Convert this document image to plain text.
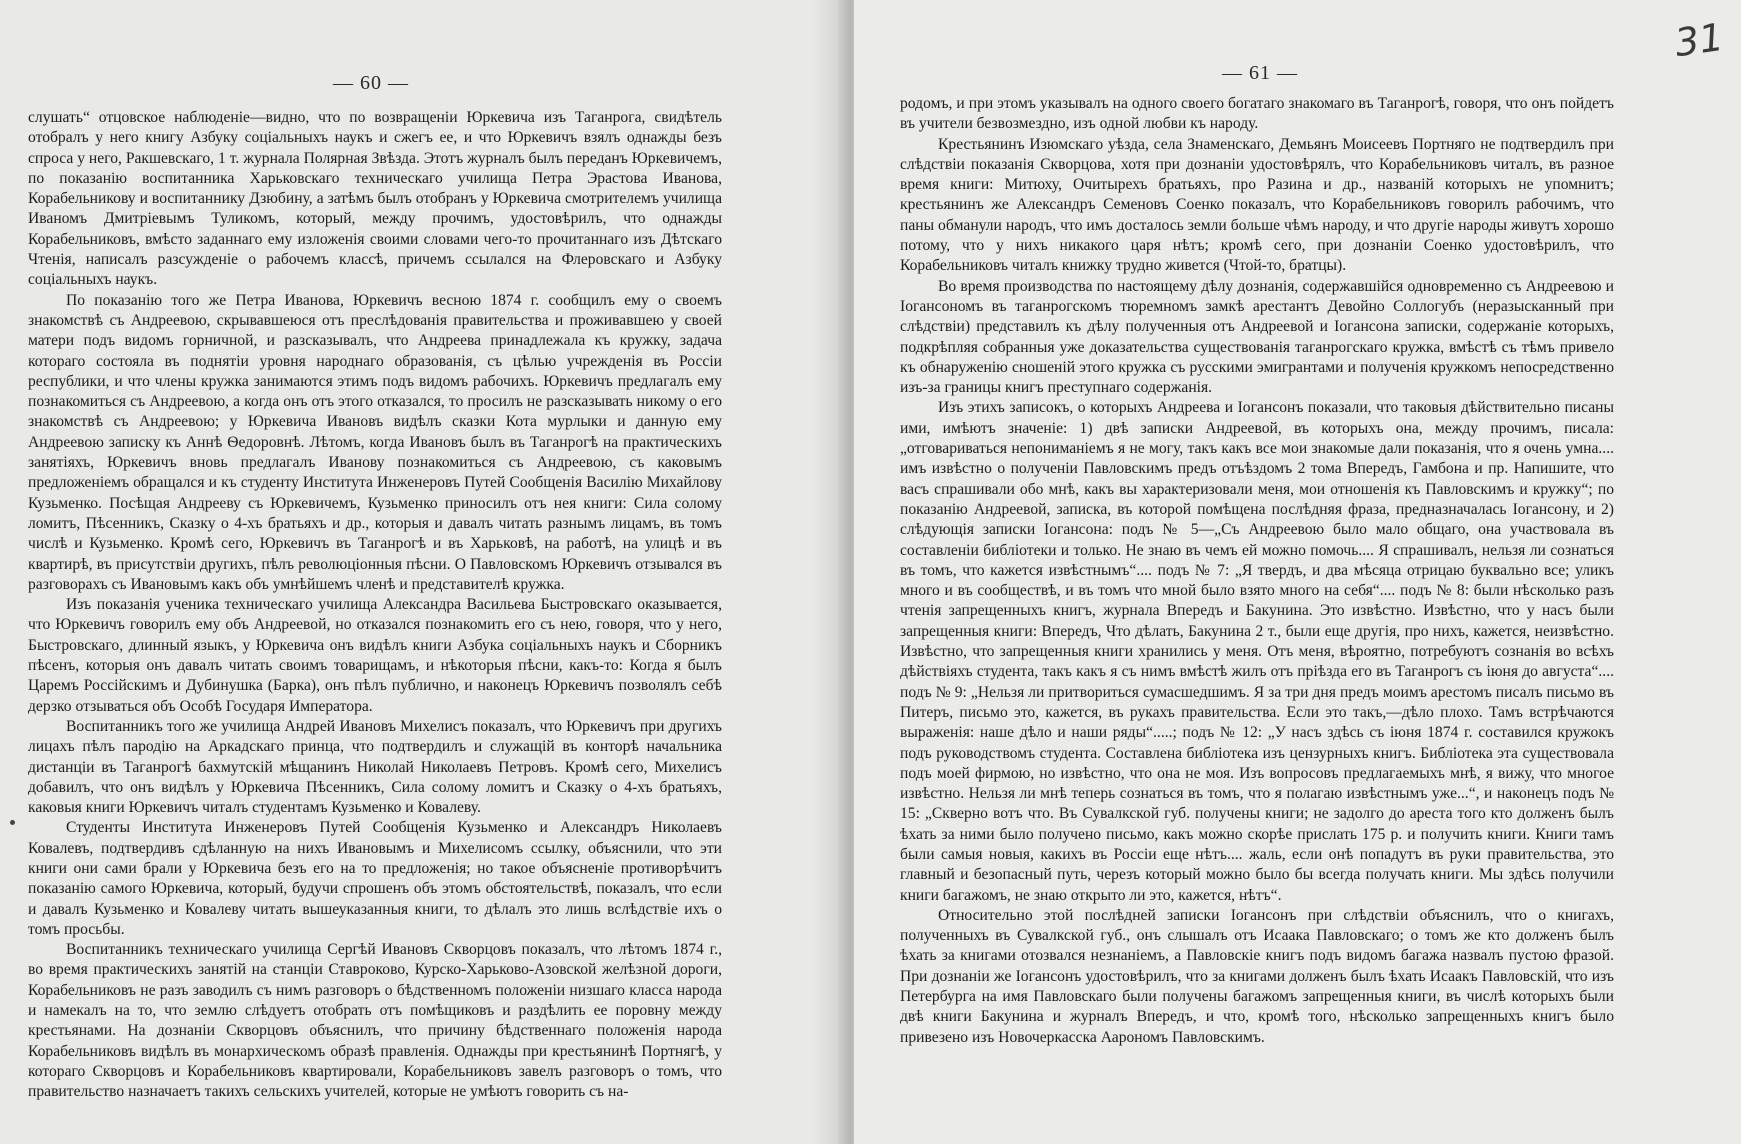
— 60 —

слушать“ отцовское наблюденіе—видно, что по возвращеніи Юркевича изъ Таганрога, свидѣтель отобралъ у него книгу Азбуку соціальныхъ наукъ и сжегъ ее, и что Юркевичъ взялъ однажды безъ спроса у него, Ракшевскаго, 1 т. журнала Полярная Звѣзда. Этотъ журналъ былъ переданъ Юркевичемъ, по показанію воспитанника Харьковскаго техническаго училища Петра Эрастова Иванова, Корабельникову и воспитаннику Дзюбину, а затѣмъ былъ отобранъ у Юркевича смотрителемъ училища Иваномъ Дмитріевымъ Туликомъ, который, между прочимъ, удостовѣрилъ, что однажды Корабельниковъ, вмѣсто заданнаго ему изложенія своими словами чего-то прочитаннаго изъ Дѣтскаго Чтенія, написалъ разсужденіе о рабочемъ классѣ, причемъ ссылался на Флеровскаго и Азбуку соціальныхъ наукъ.

По показанію того же Петра Иванова, Юркевичъ весною 1874 г. сообщилъ ему о своемъ знакомствѣ съ Андреевою, скрывавшеюся отъ преслѣдованія правительства и проживавшею у своей матери подъ видомъ горничной, и разсказывалъ, что Андреева принадлежала къ кружку, задача котораго состояла въ поднятіи уровня народнаго образованія, съ цѣлью учрежденія въ Россіи республики, и что члены кружка занимаются этимъ подъ видомъ рабочихъ. Юркевичъ предлагалъ ему познакомиться съ Андреевою, а когда онъ отъ этого отказался, то просилъ не разсказывать никому о его знакомствѣ съ Андреевою; у Юркевича Ивановъ видѣлъ сказки Кота мурлыки и данную ему Андреевою записку къ Аннѣ Ѳедоровнѣ. Лѣтомъ, когда Ивановъ былъ въ Таганрогѣ на практическихъ занятіяхъ, Юркевичъ вновь предлагалъ Иванову познакомиться съ Андреевою, съ каковымъ предложеніемъ обращался и къ студенту Института Инженеровъ Путей Сообщенія Василію Михайлову Кузьменко. Посѣщая Андрееву съ Юркевичемъ, Кузьменко приносилъ отъ нея книги: Сила солому ломитъ, Пѣсенникъ, Сказку о 4-хъ братьяхъ и др., которыя и давалъ читать разнымъ лицамъ, въ томъ числѣ и Кузьменко. Кромѣ сего, Юркевичъ въ Таганрогѣ и въ Харьковѣ, на работѣ, на улицѣ и въ квартирѣ, въ присутствіи другихъ, пѣлъ революціонныя пѣсни. О Павловскомъ Юркевичъ отзывался въ разговорахъ съ Ивановымъ какъ объ умнѣйшемъ членѣ и представителѣ кружка.

Изъ показанія ученика техническаго училища Александра Васильева Быстровскаго оказывается, что Юркевичъ говорилъ ему объ Андреевой, но отказался познакомить его съ нею, говоря, что у него, Быстровскаго, длинный языкъ, у Юркевича онъ видѣлъ книги Азбука соціальныхъ наукъ и Сборникъ пѣсенъ, которыя онъ давалъ читать своимъ товарищамъ, и нѣкоторыя пѣсни, какъ-то: Когда я былъ Царемъ Россійскимъ и Дубинушка (Барка), онъ пѣлъ публично, и наконецъ Юркевичъ позволялъ себѣ дерзко отзываться объ Особѣ Государя Императора.

Воспитанникъ того же училища Андрей Ивановъ Михелисъ показалъ, что Юркевичъ при другихъ лицахъ пѣлъ пародію на Аркадскаго принца, что подтвердилъ и служащій въ конторѣ начальника дистанціи въ Таганрогѣ бахмутскій мѣщанинъ Николай Николаевъ Петровъ. Кромѣ сего, Михелисъ добавилъ, что онъ видѣлъ у Юркевича Пѣсенникъ, Сила солому ломитъ и Сказку о 4-хъ братьяхъ, каковыя книги Юркевичъ читалъ студентамъ Кузьменко и Ковалеву.

Студенты Института Инженеровъ Путей Сообщенія Кузьменко и Александръ Николаевъ Ковалевъ, подтвердивъ сдѣланную на нихъ Ивановымъ и Михелисомъ ссылку, объяснили, что эти книги они сами брали у Юркевича безъ его на то предложенія; но такое объясненіе противорѣчитъ показанію самого Юркевича, который, будучи спрошенъ объ этомъ обстоятельствѣ, показалъ, что если и давалъ Кузьменко и Ковалеву читать вышеуказанныя книги, то дѣлалъ это лишь вслѣдствіе ихъ о томъ просьбы.

Воспитанникъ техническаго училища Сергѣй Ивановъ Скворцовъ показалъ, что лѣтомъ 1874 г., во время практическихъ занятій на станціи Ставроково, Курско-Харьково-Азовской желѣзной дороги, Корабельниковъ не разъ заводилъ съ нимъ разговоръ о бѣдственномъ положеніи низшаго класса народа и намекалъ на то, что землю слѣдуетъ отобрать отъ помѣщиковъ и раздѣлить ее поровну между крестьянами. На дознаніи Скворцовъ объяснилъ, что причину бѣдственнаго положенія народа Корабельниковъ видѣлъ въ монархическомъ образѣ правленія. Однажды при крестьянинѣ Портнягѣ, у котораго Скворцовъ и Корабельниковъ квартировали, Корабельниковъ завелъ разговоръ о томъ, что правительство назначаетъ такихъ сельскихъ учителей, которые не умѣютъ говорить съ на-

31
— 61 —

родомъ, и при этомъ указывалъ на одного своего богатаго знакомаго въ Таганрогѣ, говоря, что онъ пойдетъ въ учители безвозмездно, изъ одной любви къ народу.

Крестьянинъ Изюмскаго уѣзда, села Знаменскаго, Демьянъ Моисеевъ Портняго не подтвердилъ при слѣдствіи показанія Скворцова, хотя при дознаніи удостовѣрялъ, что Корабельниковъ читалъ, въ разное время книги: Митюху, Очитырехъ братьяхъ, про Разина и др., названій которыхъ не упомнитъ; крестьянинъ же Александръ Семеновъ Соенко показалъ, что Корабельниковъ говорилъ рабочимъ, что паны обманули народъ, что имъ досталось земли больше чѣмъ народу, и что другіе народы живутъ хорошо потому, что у нихъ никакого царя нѣтъ; кромѣ сего, при дознаніи Соенко удостовѣрилъ, что Корабельниковъ читалъ книжку трудно живется (Чтой-то, братцы).

Во время производства по настоящему дѣлу дознанія, содержавшійся одновременно съ Андреевою и Іогансономъ въ таганрогскомъ тюремномъ замкѣ арестантъ Девойно Соллогубъ (неразысканный при слѣдствіи) представилъ къ дѣлу полученныя отъ Андреевой и Іогансона записки, содержаніе которыхъ, подкрѣпляя собранныя уже доказательства существованія таганрогскаго кружка, вмѣстѣ съ тѣмъ привело къ обнаруженію сношеній этого кружка съ русскими эмигрантами и полученія кружкомъ непосредственно изъ-за границы книгъ преступнаго содержанія.

Изъ этихъ записокъ, о которыхъ Андреева и Іогансонъ показали, что таковыя дѣйствительно писаны ими, имѣютъ значеніе: 1) двѣ записки Андреевой, въ которыхъ она, между прочимъ, писала: „отговариваться непониманіемъ я не могу, такъ какъ все мои знакомые дали показанія, что я очень умна.... имъ извѣстно о полученіи Павловскимъ предъ отъѣздомъ 2 тома Впередъ, Гамбона и пр. Напишите, что васъ спрашивали обо мнѣ, какъ вы характеризовали меня, мои отношенія къ Павловскимъ и кружку“; по показанію Андреевой, записка, въ которой помѣщена послѣдняя фраза, предназначалась Іогансону, и 2) слѣдующія записки Іогансона: подъ № 5—„Съ Андреевою было мало общаго, она участвовала въ составленіи библіотеки и только. Не знаю въ чемъ ей можно помочь.... Я спрашивалъ, нельзя ли сознаться въ томъ, что кажется извѣстнымъ“.... подъ № 7: „Я твердъ, и два мѣсяца отрицаю буквально все; уликъ много и въ сообществѣ, и въ томъ что мной было взято много на себя“.... подъ № 8: были нѣсколько разъ чтенія запрещенныхъ книгъ, журнала Впередъ и Бакунина. Это извѣстно. Извѣстно, что у насъ были запрещенныя книги: Впередъ, Что дѣлать, Бакунина 2 т., были еще другія, про нихъ, кажется, неизвѣстно. Извѣстно, что запрещенныя книги хранились у меня. Отъ меня, вѣроятно, потребуютъ сознанія во всѣхъ дѣйствіяхъ студента, такъ какъ я съ нимъ вмѣстѣ жилъ отъ пріѣзда его въ Таганрогъ съ іюня до августа“.... подъ № 9: „Нельзя ли притвориться сумасшедшимъ. Я за три дня предъ моимъ арестомъ писалъ письмо въ Питеръ, письмо это, кажется, въ рукахъ правительства. Если это такъ,—дѣло плохо. Тамъ встрѣчаются выраженія: наше дѣло и наши ряды“.....; подъ № 12: „У насъ здѣсь съ іюня 1874 г. составился кружокъ подъ руководствомъ студента. Составлена библіотека изъ цензурныхъ книгъ. Библіотека эта существовала подъ моей фирмою, но извѣстно, что она не моя. Изъ вопросовъ предлагаемыхъ мнѣ, я вижу, что многое извѣстно. Нельзя ли мнѣ теперь сознаться въ томъ, что я полагаю извѣстнымъ уже...“, и наконецъ подъ № 15: „Скверно вотъ что. Въ Сувалкской губ. получены книги; не задолго до ареста того кто долженъ былъ ѣхать за ними было получено письмо, какъ можно скорѣе прислать 175 р. и получить книги. Книги тамъ были самыя новыя, какихъ въ Россіи еще нѣтъ.... жаль, если онѣ попадутъ въ руки правительства, это главный и безопасный путь, черезъ который можно было бы всегда получать книги. Мы здѣсь получили книги багажомъ, не знаю открыто ли это, кажется, нѣтъ“.

Относительно этой послѣдней записки Іогансонъ при слѣдствіи объяснилъ, что о книгахъ, полученныхъ въ Сувалкской губ., онъ слышалъ отъ Исаака Павловскаго; о томъ же кто долженъ былъ ѣхать за книгами отозвался незнаніемъ, а Павловскіе книгъ подъ видомъ багажа назвалъ пустою фразой. При дознаніи же Іогансонъ удостовѣрилъ, что за книгами долженъ былъ ѣхать Исаакъ Павловскій, что изъ Петербурга на имя Павловскаго были получены багажомъ запрещенныя книги, въ числѣ которыхъ были двѣ книги Бакунина и журналъ Впередъ, и что, кромѣ того, нѣсколько запрещенныхъ книгъ было привезено изъ Новочеркасска Аарономъ Павловскимъ.
